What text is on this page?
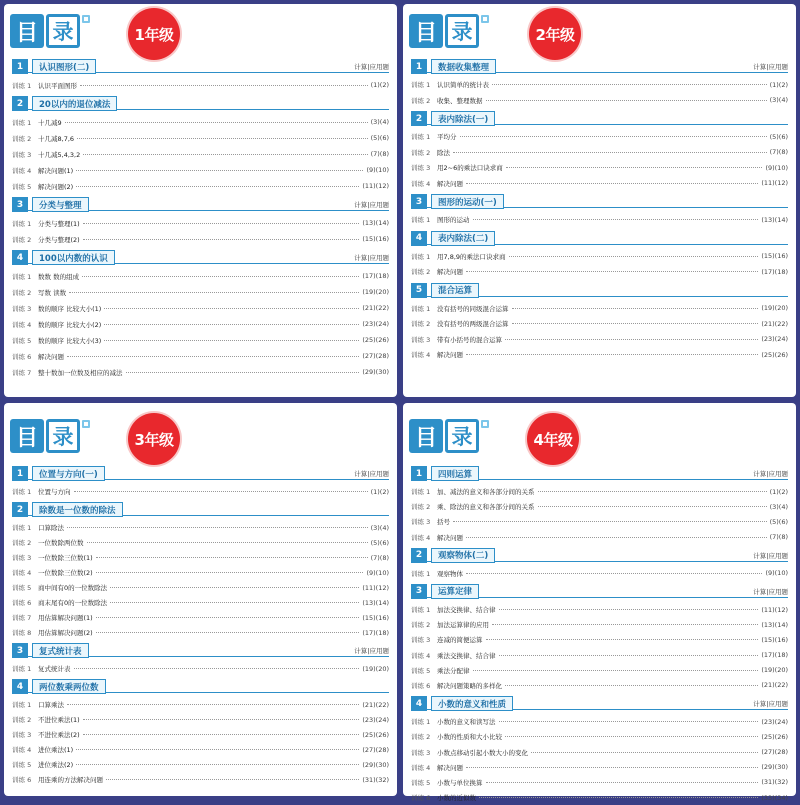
目 录	1年级
1	认识图形(二)	计算|应用题
训练 1	认识平面图形	(1)(2)
2	20以内的退位减法
训练 1	十几减9	(3)(4)
训练 2	十几减8,7,6	(5)(6)
训练 3	十几减5,4,3,2	(7)(8)
训练 4	解决问题(1)	(9)(10)
训练 5	解决问题(2)	(11)(12)
3	分类与整理	计算|应用题
训练 1	分类与整理(1)	(13)(14)
训练 2	分类与整理(2)	(15)(16)
4	100以内数的认识	计算|应用题
训练 1	数数 数的组成	(17)(18)
训练 2	写数 读数	(19)(20)
训练 3	数的顺序 比较大小(1)	(21)(22)
训练 4	数的顺序 比较大小(2)	(23)(24)
训练 5	数的顺序 比较大小(3)	(25)(26)
训练 6	解决问题	(27)(28)
训练 7	整十数加一位数及相应的减法	(29)(30)
目 录	2年级
1	数据收集整理	计算|应用题
训练 1	认识简单的统计表	(1)(2)
训练 2	收集、整理数据	(3)(4)
2	表内除法(一)
训练 1	平均分	(5)(6)
训练 2	除法	(7)(8)
训练 3	用2~6的乘法口诀求商	(9)(10)
训练 4	解决问题	(11)(12)
3	图形的运动(一)
训练 1	图形的运动	(13)(14)
4	表内除法(二)
训练 1	用7,8,9的乘法口诀求商	(15)(16)
训练 2	解决问题	(17)(18)
5	混合运算
训练 1	没有括号的同级混合运算	(19)(20)
训练 2	没有括号的两级混合运算	(21)(22)
训练 3	带有小括号的混合运算	(23)(24)
训练 4	解决问题	(25)(26)
目 录	3年级
1	位置与方向(一)	计算|应用题
训练 1	位置与方向	(1)(2)
2	除数是一位数的除法
训练 1	口算除法	(3)(4)
训练 2	一位数除两位数	(5)(6)
训练 3	一位数除三位数(1)	(7)(8)
训练 4	一位数除三位数(2)	(9)(10)
训练 5	商中间有0的一位数除法	(11)(12)
训练 6	商末尾有0的一位数除法	(13)(14)
训练 7	用估算解决问题(1)	(15)(16)
训练 8	用估算解决问题(2)	(17)(18)
3	复式统计表	计算|应用题
训练 1	复式统计表	(19)(20)
4	两位数乘两位数
训练 1	口算乘法	(21)(22)
训练 2	不进位乘法(1)	(23)(24)
训练 3	不进位乘法(2)	(25)(26)
训练 4	进位乘法(1)	(27)(28)
训练 5	进位乘法(2)	(29)(30)
训练 6	用连乘的方法解决问题	(31)(32)
目 录	4年级
1	四则运算	计算|应用题
训练 1	加、减法的意义和各部分间的关系	(1)(2)
训练 2	乘、除法的意义和各部分间的关系	(3)(4)
训练 3	括号	(5)(6)
训练 4	解决问题	(7)(8)
2	观察物体(二)	计算|应用题
训练 1	观察物体	(9)(10)
3	运算定律	计算|应用题
训练 1	加法交换律、结合律	(11)(12)
训练 2	加法运算律的应用	(13)(14)
训练 3	连减的简便运算	(15)(16)
训练 4	乘法交换律、结合律	(17)(18)
训练 5	乘法分配律	(19)(20)
训练 6	解决问题策略的多样化	(21)(22)
4	小数的意义和性质	计算|应用题
训练 1	小数的意义和读写法	(23)(24)
训练 2	小数的性质和大小比较	(25)(26)
训练 3	小数点移动引起小数大小的变化	(27)(28)
训练 4	解决问题	(29)(30)
训练 5	小数与单位换算	(31)(32)
训练 6	小数的近似数	(33)(34)
